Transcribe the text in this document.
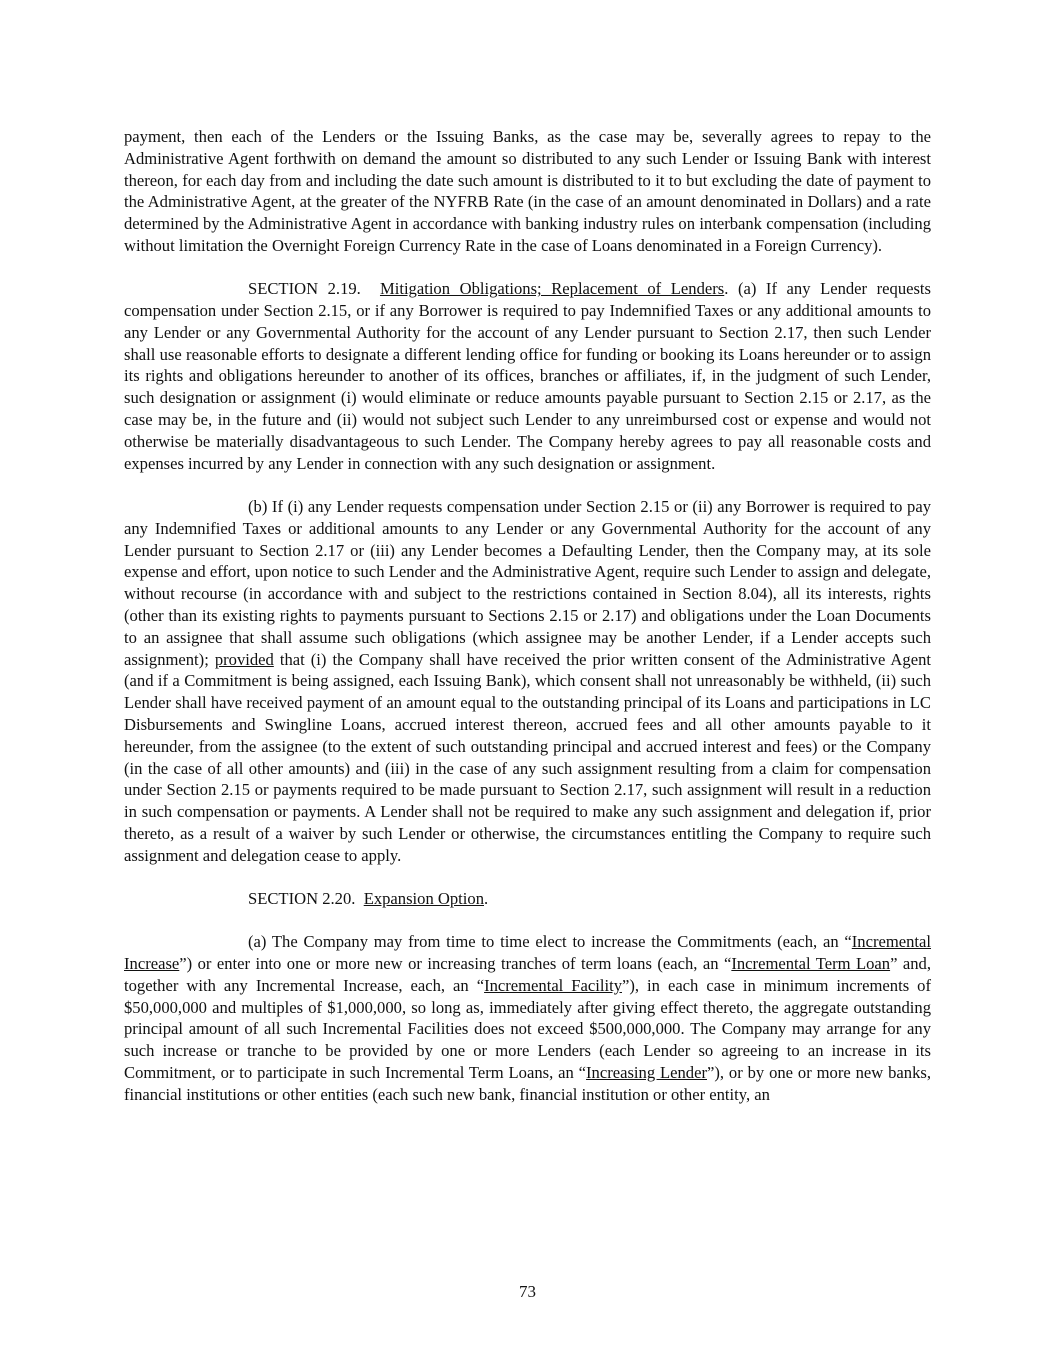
payment, then each of the Lenders or the Issuing Banks, as the case may be, severally agrees to repay to the Administrative Agent forthwith on demand the amount so distributed to any such Lender or Issuing Bank with interest thereon, for each day from and including the date such amount is distributed to it to but excluding the date of payment to the Administrative Agent, at the greater of the NYFRB Rate (in the case of an amount denominated in Dollars) and a rate determined by the Administrative Agent in accordance with banking industry rules on interbank compensation (including without limitation the Overnight Foreign Currency Rate in the case of Loans denominated in a Foreign Currency).

SECTION 2.19. Mitigation Obligations; Replacement of Lenders. (a) If any Lender requests compensation under Section 2.15, or if any Borrower is required to pay Indemnified Taxes or any additional amounts to any Lender or any Governmental Authority for the account of any Lender pursuant to Section 2.17, then such Lender shall use reasonable efforts to designate a different lending office for funding or booking its Loans hereunder or to assign its rights and obligations hereunder to another of its offices, branches or affiliates, if, in the judgment of such Lender, such designation or assignment (i) would eliminate or reduce amounts payable pursuant to Section 2.15 or 2.17, as the case may be, in the future and (ii) would not subject such Lender to any unreimbursed cost or expense and would not otherwise be materially disadvantageous to such Lender. The Company hereby agrees to pay all reasonable costs and expenses incurred by any Lender in connection with any such designation or assignment.

(b) If (i) any Lender requests compensation under Section 2.15 or (ii) any Borrower is required to pay any Indemnified Taxes or additional amounts to any Lender or any Governmental Authority for the account of any Lender pursuant to Section 2.17 or (iii) any Lender becomes a Defaulting Lender, then the Company may, at its sole expense and effort, upon notice to such Lender and the Administrative Agent, require such Lender to assign and delegate, without recourse (in accordance with and subject to the restrictions contained in Section 8.04), all its interests, rights (other than its existing rights to payments pursuant to Sections 2.15 or 2.17) and obligations under the Loan Documents to an assignee that shall assume such obligations (which assignee may be another Lender, if a Lender accepts such assignment); provided that (i) the Company shall have received the prior written consent of the Administrative Agent (and if a Commitment is being assigned, each Issuing Bank), which consent shall not unreasonably be withheld, (ii) such Lender shall have received payment of an amount equal to the outstanding principal of its Loans and participations in LC Disbursements and Swingline Loans, accrued interest thereon, accrued fees and all other amounts payable to it hereunder, from the assignee (to the extent of such outstanding principal and accrued interest and fees) or the Company (in the case of all other amounts) and (iii) in the case of any such assignment resulting from a claim for compensation under Section 2.15 or payments required to be made pursuant to Section 2.17, such assignment will result in a reduction in such compensation or payments. A Lender shall not be required to make any such assignment and delegation if, prior thereto, as a result of a waiver by such Lender or otherwise, the circumstances entitling the Company to require such assignment and delegation cease to apply.

SECTION 2.20. Expansion Option.

(a) The Company may from time to time elect to increase the Commitments (each, an “Incremental Increase”) or enter into one or more new or increasing tranches of term loans (each, an “Incremental Term Loan” and, together with any Incremental Increase, each, an “Incremental Facility”), in each case in minimum increments of $50,000,000 and multiples of $1,000,000, so long as, immediately after giving effect thereto, the aggregate outstanding principal amount of all such Incremental Facilities does not exceed $500,000,000. The Company may arrange for any such increase or tranche to be provided by one or more Lenders (each Lender so agreeing to an increase in its Commitment, or to participate in such Incremental Term Loans, an “Increasing Lender”), or by one or more new banks, financial institutions or other entities (each such new bank, financial institution or other entity, an

73
